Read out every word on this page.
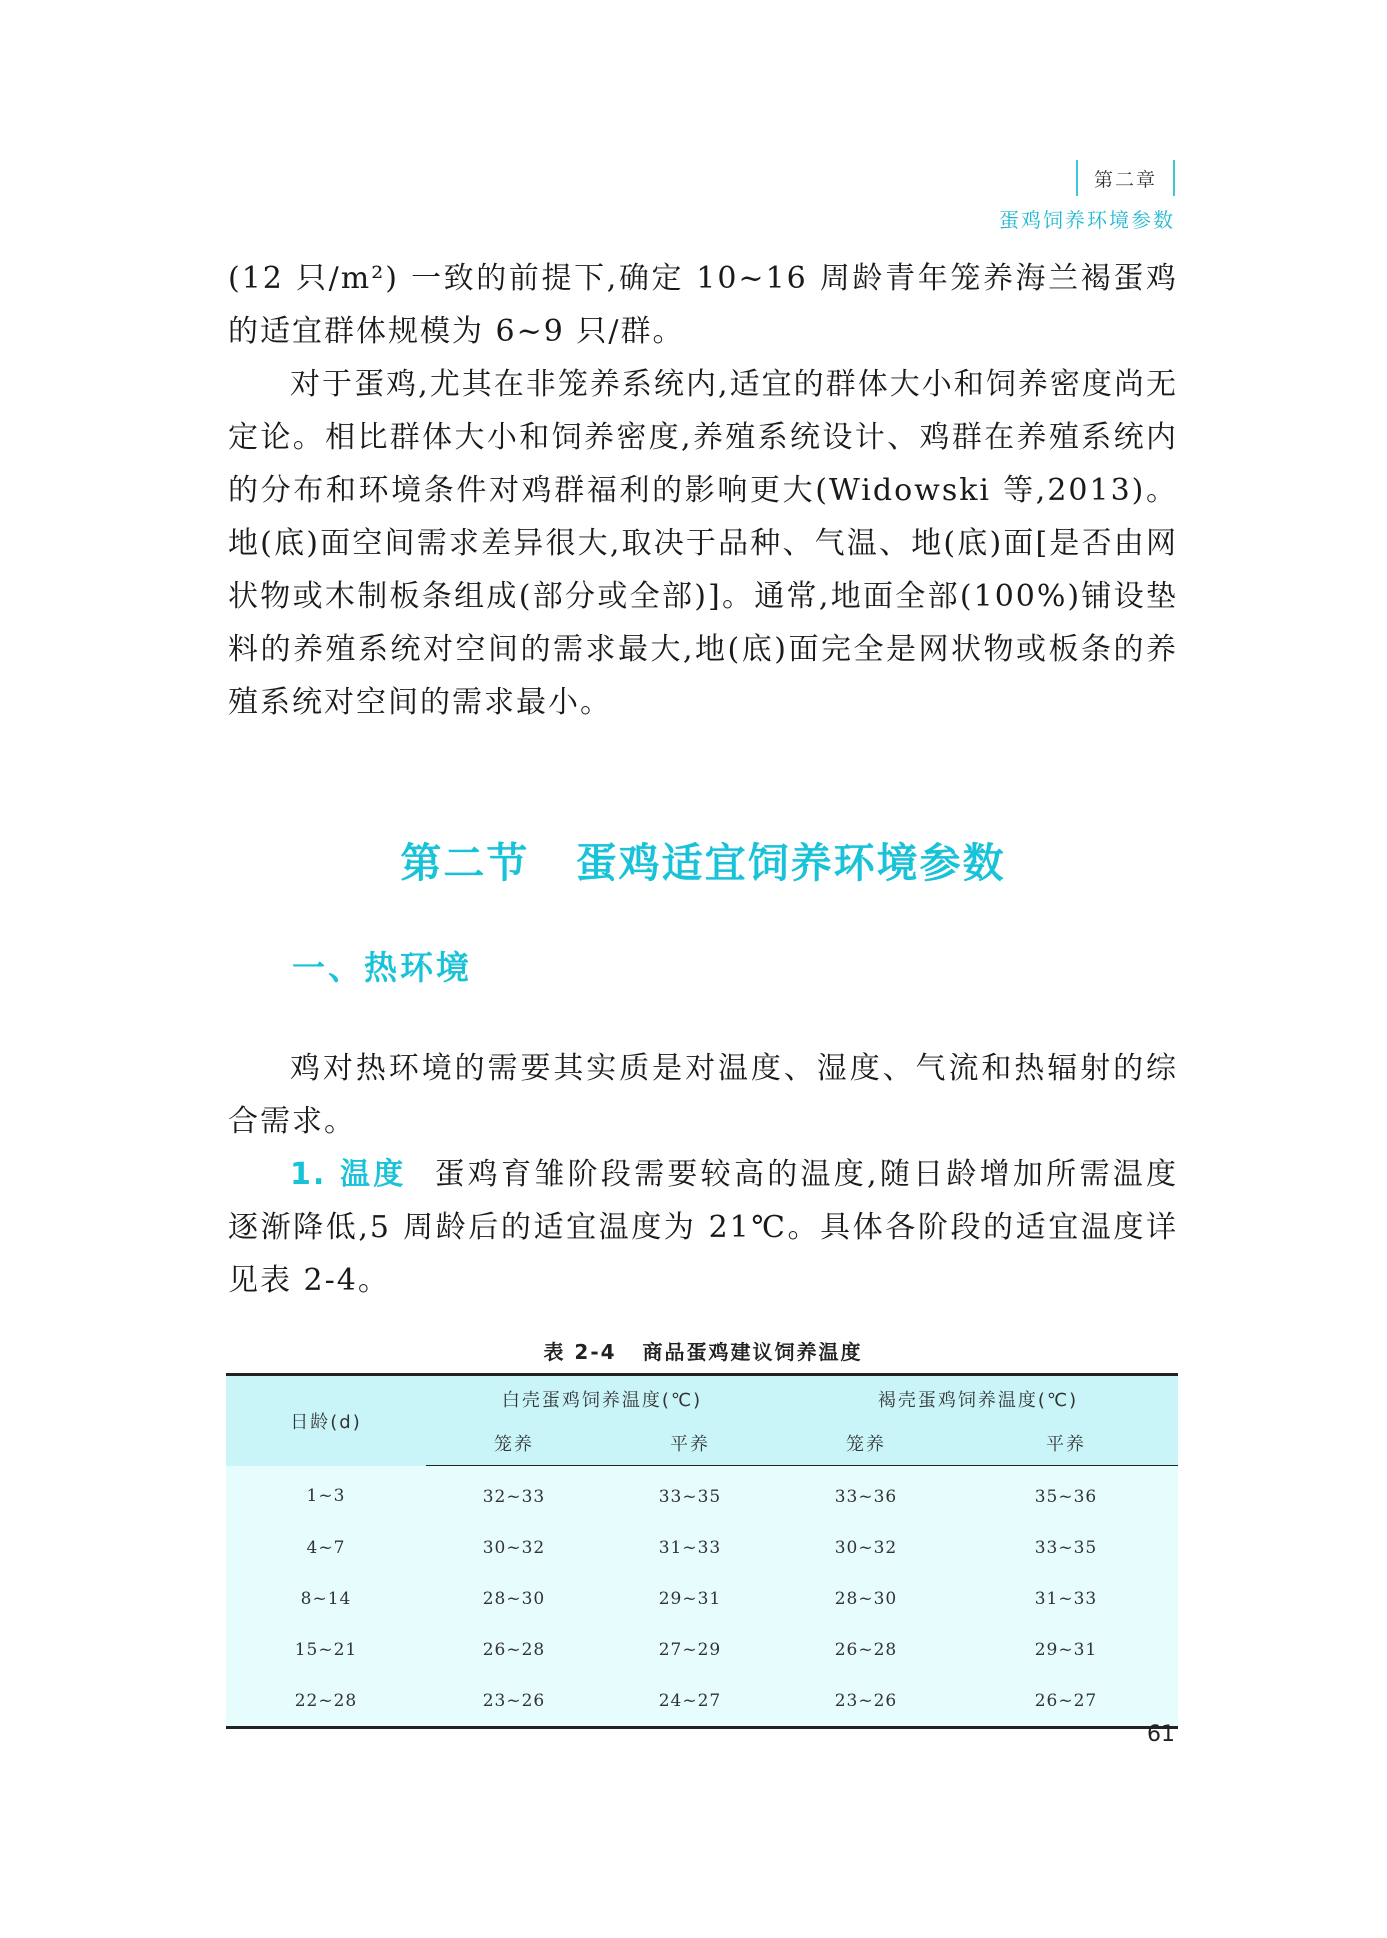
第二章
蛋鸡饲养环境参数

(12 只/m²) 一致的前提下,确定 10~16 周龄青年笼养海兰褐蛋鸡的适宜群体规模为 6~9 只/群。

对于蛋鸡,尤其在非笼养系统内,适宜的群体大小和饲养密度尚无定论。相比群体大小和饲养密度,养殖系统设计、鸡群在养殖系统内的分布和环境条件对鸡群福利的影响更大(Widowski 等,2013)。地(底)面空间需求差异很大,取决于品种、气温、地(底)面[是否由网状物或木制板条组成(部分或全部)]。通常,地面全部(100%)铺设垫料的养殖系统对空间的需求最大,地(底)面完全是网状物或板条的养殖系统对空间的需求最小。

第二节 蛋鸡适宜饲养环境参数
一、热环境

鸡对热环境的需要其实质是对温度、湿度、气流和热辐射的综合需求。

1. 温度 蛋鸡育雏阶段需要较高的温度,随日龄增加所需温度逐渐降低,5 周龄后的适宜温度为 21℃。具体各阶段的适宜温度详见表 2-4。

表 2-4 商品蛋鸡建议饲养温度
日龄(d)	白壳蛋鸡饲养温度(℃)		褐壳蛋鸡饲养温度(℃)	
	笼养	平养	笼养	平养
1~3	32~33	33~35	33~36	35~36
4~7	30~32	31~33	30~32	33~35
8~14	28~30	29~31	28~30	31~33
15~21	26~28	27~29	26~28	29~31
22~28	23~26	24~27	23~26	26~27
61
